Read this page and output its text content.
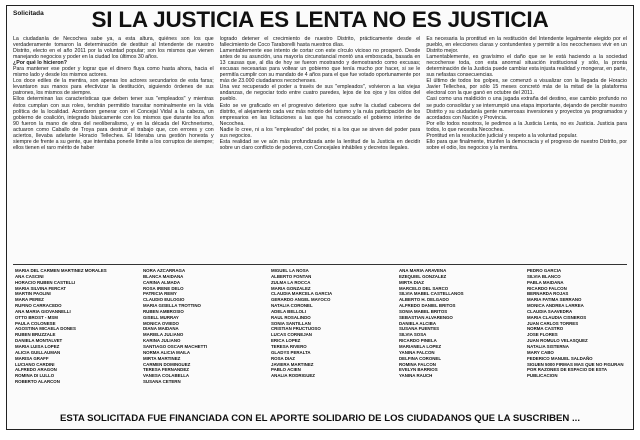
Solicitada	SI LA JUSTICIA ES LENTA NO ES JUSTICIA

La ciudadanía de Necochea sabe ya, a esta altura, quiénes son los que verdaderamente tomaron la determinación de destituir al Intendente de nuestro Distrito, electo en el año 2011 por la voluntad popular; son los mismos que vienen manejando negocios y poder en la ciudad los últimos 30 años.

¿Por qué lo hicieron?

Para mantener ese poder y lograr que el dinero fluya como hasta ahora, hacia el mismo lado y desde los mismos actores.

Los doce ediles de la mentira, son apenas los actores secundarios de esta farsa; levantaron sus manos para efectivizar la destitución, siguiendo órdenes de sus patrones, los mismos de siempre.

Ellos determinan las características que deben tener sus "empleados" y mientras éstos cumplan con sus roles, tendrán permitido transitar nominalmente en la vida política de la localidad. Acordaron generar con el Concejal Vidal a la cabeza, un gobierno de coalición, integrado básicamente con los mismos que durante los años 90 fueron la mano de obra del neoliberalismo, y en la década del Kirchnerismo, actuaron como Caballo de Troya para destruir el trabajo que, con errores y con aciertos, llevaba adelante Horacio Tellechea. Él lideraba una gestión honesta y siempre de frente a su gente, que intentaba ponerle límite a los corruptos de siempre; ellos tienen el raro mérito de haber

logrado detener el crecimiento de nuestro Distrito, prácticamente desde el fallecimiento de Coco Taraborelli hasta nuestros días.

Lamentablemente ese intento de cortar con este círculo vicioso no prosperó. Desde antes de su asunción, una mayoría circunstancial montó una emboscada, basada en 13 causas que, al día de hoy se fueron mostrando y demostrando como excusas; excusas necesarias para voltear un gobierno que tenía mucho por hacer, si se le permitía cumplir con su mandato de 4 años para el que fue votado oportunamente por más de 23.000 ciudadanos necochenses.

Una vez recuperado el poder a través de sus "empleados", volvieron a las viejas andanzas, de negociar todo entre cuatro paredes, lejos de los ojos y los oídos del pueblo.

Esto se ve graficado en el progresivo deterioro que sufre la ciudad cabecera del distrito, el alejamiento cada vez más notorio del turismo y la nula participación de los empresarios en las licitaciones a las que ha convocado el gobierno interino de Necochea.

Nadie lo cree, ni a los "empleados" del poder, ni a los que se sirven del poder para sus negocios.

Esta realidad se ve aún más profundizada ante la lentitud de la Justicia en decidir sobre un claro conflicto de poderes, con Concejales inhábiles y decretos ilegales.

Es necesaria la prontitud en la restitución del Intendente legalmente elegido por el pueblo, en elecciones claras y contundentes y permitir a los necochenses vivir en un Distrito mejor.

Lamentablemente, es gravísimo el daño que se le está haciendo a la sociedad necochense toda, con esta anormal situación institucional y sólo, la pronta determinación de la Justicia puede cambiar esta injusta realidad y mongerar, en parte, sus nefastas consecuencias.

El último de todos los golpes, se comenzó a visualizar con la llegada de Horacio Javier Tellechea, por sólo 15 meses concretó más de la mitad de la plataforma electoral con la que ganó en octubre del 2011.

Casi como una maldición o una jugada extraña del destino, ese cambio profundo no se pudo consolidar y se interrumpió una etapa importante, dejando de percibir nuestro Distrito y su ciudadanía gente numerosas inversiones y proyectos ya programados y acordados con Nación y Provincia.

Por ello todos nosotros, le pedimos a la Justicia Lenta, no es Justicia. Justicia para todos, lo que necesita Necochea.

Prontitud en la resolución judicial y respeto a la voluntad popular.

Ello para que finalmente, triunfen la democracia y el progreso de nuestro Distrito, por sobre el odio, los negocios y la mentira.

MARIA DEL CARMEN MARTINEZ MORALES
ANA CASCINI
HORACIO RUBEN CASTELLI
MARIA SILVINA FERCAT
MARTIN PAOLINI
MARA PEREZ
RUFINO CARRACEDO
ANA MARIA GIOVANNELLI
OTTO BROST - MSM
PAULA COLONESE
AGOSTINA MICAELA DONES
RUBEN BRUZZALE
DANIELA MONTALVET
MARIA LUISA LOPEZ
ALICIA GUILLAUMAN
MARISA GRAFF
LUCIANO CARDINI
ALFREDO ARAGON
ROMINA DI LULLO
ROBERTO ALARCON
NORA AZCARRAGA
BLANCA MAIDANA
CARINA ALMADA
ROSA IRENE DELO
PATRICIA REMY
CLAUDIO EULOGIO
MARIA GISELLA TROTTINO
RUBEN AMBROSIO
GISELL MURRAY
MONICA OVIEDO
DIANA MAIDANA
MARIELA JULIANO
KARINA JULIANO
SANTIAGO OSCAR MACHETTI
NORMA ALICIA MAILA
MIRTA MARTINEZ
CARMEN DOMINGUEZ
TERESA FERNANDEZ
VANESA COLABELLA
SUSANA CETERN
MIGUEL LA NOSA
ALBERTO FONTAN
ZULMA LA ROCCA
MARIA GONZALEZ
CLAUDIA MARCELA GARCIA
GERARDO ANGEL MAYOCO
NATALIA CORONEL
ADELA BELLOLI
RAUL ROSALINDO
SONIA SANTILLAN
CRISTIAN FRUCTUOSO
LUCAS CORNEJAN
ERICA LOPEZ
TERESA RIVERO
GLADYS PERALTA
ROSA DIAZ
JAVIERA MARTINEZ
PABLO ACIEN
ANALIA RODRIGUEZ

ANA MARIA ARAVENA
EZEQUIEL GONZALEZ
MIRTA DIAZ
MARCELO DEL SARCO
SILVIA MABEL CASTELLANOS
ALBERTO H. DELGADO
ALFREDO DANIEL BRITOS
SONIA MABEL BRITOS
SEBASTIAN ALVARENGO
DANIELA ALCIBA
SUSANA FUENTES
SILVIA SOSA
RICARDO PINELA
MARIANELA LOPEZ
YANINA FALCON
DELFINA CORONEL
ROMINA FALCON
EVELYN BARRIOS
YANINA RAUCH

PEDRO GARCIA
SILVIA BLANCO
PABLA MAIDANA
RICARDO FALCON
BERNARDA ROJAS
MARIA FATIMA SERRANO
MONICA ANDREA LARREA
CLAUDIA SAAVEDRA
MARIA CLAUDIA CISNEROS
JUAN CARLOS TORRES
NORMA CASTRO
JOSE FLORES
JUAN ROMULO VELASQUEZ
NATALIA SISTERNA
MARY CABO
FEDERICO MANUEL SALDAÑO
SIGUEN 5000 FIRMAS MAS QUE NO FIGURAN
POR RAZONES DE ESPACIO DE ESTA
PUBLICACION

ESTA SOLICITADA FUE FINANCIADA CON EL APORTE SOLIDARIO DE LOS CIUDADANOS QUE LA SUSCRIBEN ...
